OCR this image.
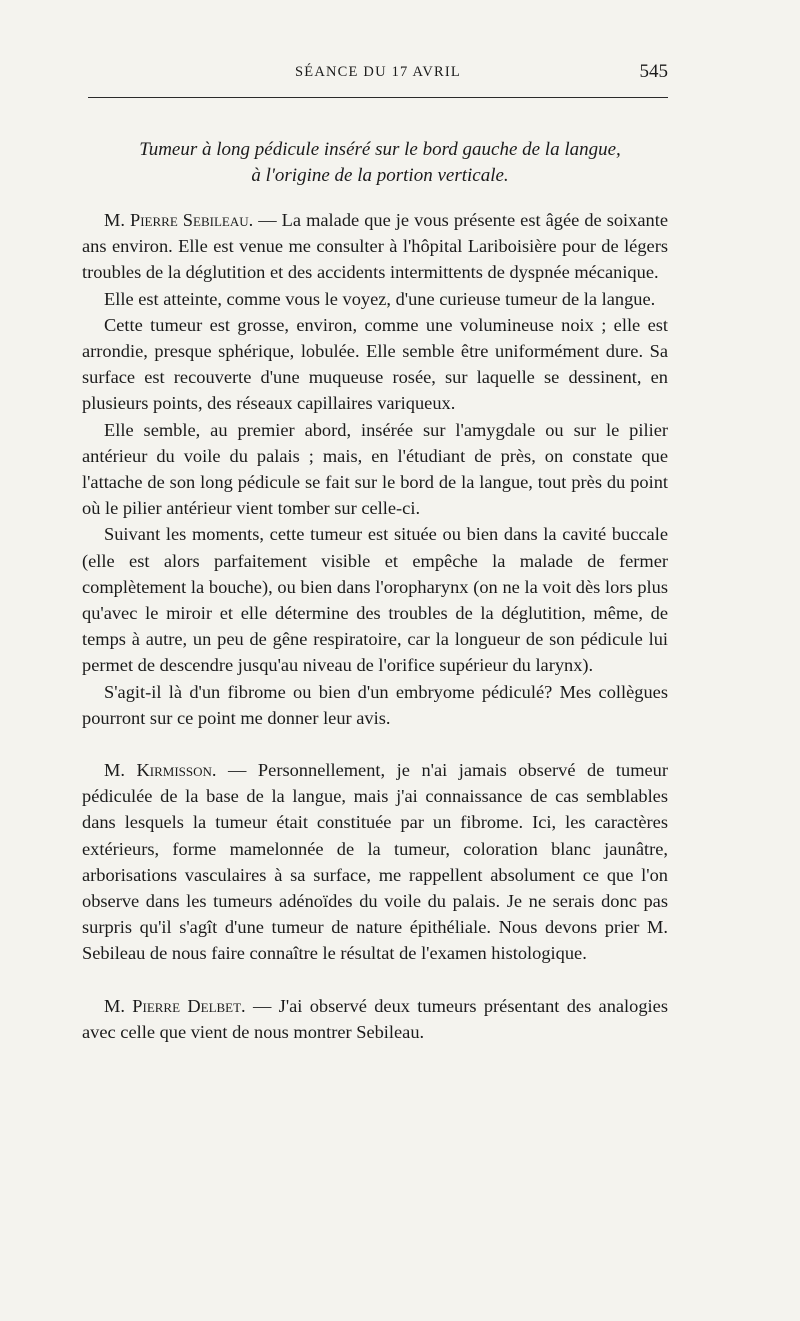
SÉANCE DU 17 AVRIL	545
Tumeur à long pédicule inséré sur le bord gauche de la langue,
à l'origine de la portion verticale.

M. Pierre Sebileau. — La malade que je vous présente est âgée de soixante ans environ. Elle est venue me consulter à l'hôpital Lariboisière pour de légers troubles de la déglutition et des accidents intermittents de dyspnée mécanique.

Elle est atteinte, comme vous le voyez, d'une curieuse tumeur de la langue.

Cette tumeur est grosse, environ, comme une volumineuse noix ; elle est arrondie, presque sphérique, lobulée. Elle semble être uniformément dure. Sa surface est recouverte d'une muqueuse rosée, sur laquelle se dessinent, en plusieurs points, des réseaux capillaires variqueux.

Elle semble, au premier abord, insérée sur l'amygdale ou sur le pilier antérieur du voile du palais ; mais, en l'étudiant de près, on constate que l'attache de son long pédicule se fait sur le bord de la langue, tout près du point où le pilier antérieur vient tomber sur celle-ci.

Suivant les moments, cette tumeur est située ou bien dans la cavité buccale (elle est alors parfaitement visible et empêche la malade de fermer complètement la bouche), ou bien dans l'oropharynx (on ne la voit dès lors plus qu'avec le miroir et elle détermine des troubles de la déglutition, même, de temps à autre, un peu de gêne respiratoire, car la longueur de son pédicule lui permet de descendre jusqu'au niveau de l'orifice supérieur du larynx).

S'agit-il là d'un fibrome ou bien d'un embryome pédiculé? Mes collègues pourront sur ce point me donner leur avis.

M. Kirmisson. — Personnellement, je n'ai jamais observé de tumeur pédiculée de la base de la langue, mais j'ai connaissance de cas semblables dans lesquels la tumeur était constituée par un fibrome. Ici, les caractères extérieurs, forme mamelonnée de la tumeur, coloration blanc jaunâtre, arborisations vasculaires à sa surface, me rappellent absolument ce que l'on observe dans les tumeurs adénoïdes du voile du palais. Je ne serais donc pas surpris qu'il s'agît d'une tumeur de nature épithéliale. Nous devons prier M. Sebileau de nous faire connaître le résultat de l'examen histologique.

M. Pierre Delbet. — J'ai observé deux tumeurs présentant des analogies avec celle que vient de nous montrer Sebileau.
